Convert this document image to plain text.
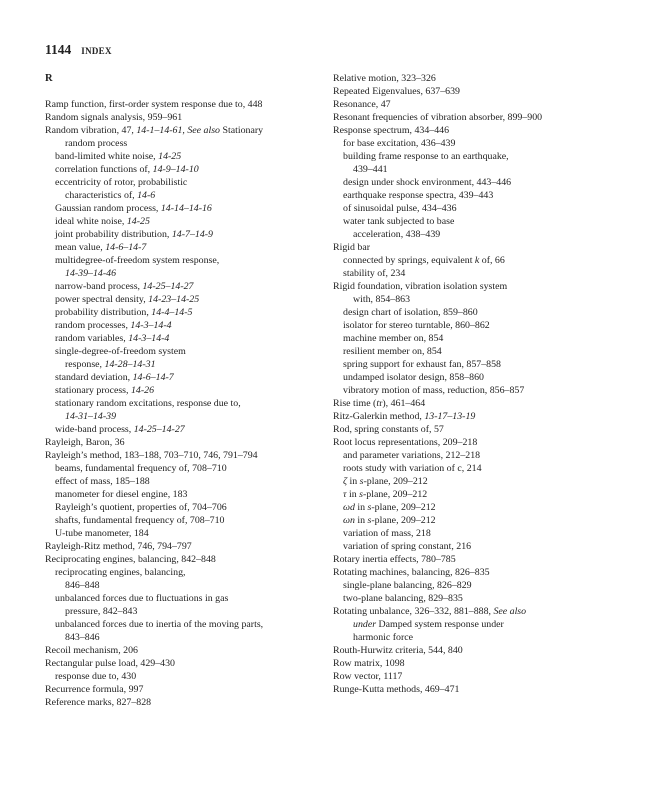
1144 INDEX
R
Ramp function, first-order system response due to, 448
Random signals analysis, 959–961
Random vibration, 47, 14-1–14-61, See also Stationary
random process
band-limited white noise, 14-25
correlation functions of, 14-9–14-10
eccentricity of rotor, probabilistic
characteristics of, 14-6
Gaussian random process, 14-14–14-16
ideal white noise, 14-25
joint probability distribution, 14-7–14-9
mean value, 14-6–14-7
multidegree-of-freedom system response,
14-39–14-46
narrow-band process, 14-25–14-27
power spectral density, 14-23–14-25
probability distribution, 14-4–14-5
random processes, 14-3–14-4
random variables, 14-3–14-4
single-degree-of-freedom system
response, 14-28–14-31
standard deviation, 14-6–14-7
stationary process, 14-26
stationary random excitations, response due to,
14-31–14-39
wide-band process, 14-25–14-27
Rayleigh, Baron, 36
Rayleigh’s method, 183–188, 703–710, 746, 791–794
beams, fundamental frequency of, 708–710
effect of mass, 185–188
manometer for diesel engine, 183
Rayleigh’s quotient, properties of, 704–706
shafts, fundamental frequency of, 708–710
U-tube manometer, 184
Rayleigh-Ritz method, 746, 794–797
Reciprocating engines, balancing, 842–848
reciprocating engines, balancing,
846–848
unbalanced forces due to fluctuations in gas
pressure, 842–843
unbalanced forces due to inertia of the moving parts,
843–846
Recoil mechanism, 206
Rectangular pulse load, 429–430
response due to, 430
Recurrence formula, 997
Reference marks, 827–828
Relative motion, 323–326
Repeated Eigenvalues, 637–639
Resonance, 47
Resonant frequencies of vibration absorber, 899–900
Response spectrum, 434–446
for base excitation, 436–439
building frame response to an earthquake,
439–441
design under shock environment, 443–446
earthquake response spectra, 439–443
of sinusoidal pulse, 434–436
water tank subjected to base
acceleration, 438–439
Rigid bar
connected by springs, equivalent k of, 66
stability of, 234
Rigid foundation, vibration isolation system
with, 854–863
design chart of isolation, 859–860
isolator for stereo turntable, 860–862
machine member on, 854
resilient member on, 854
spring support for exhaust fan, 857–858
undamped isolator design, 858–860
vibratory motion of mass, reduction, 856–857
Rise time (tr), 461–464
Ritz-Galerkin method, 13-17–13-19
Rod, spring constants of, 57
Root locus representations, 209–218
and parameter variations, 212–218
roots study with variation of c, 214
ζ in s-plane, 209–212
τ in s-plane, 209–212
ωd in s-plane, 209–212
ωn in s-plane, 209–212
variation of mass, 218
variation of spring constant, 216
Rotary inertia effects, 780–785
Rotating machines, balancing, 826–835
single-plane balancing, 826–829
two-plane balancing, 829–835
Rotating unbalance, 326–332, 881–888, See also
under Damped system response under
harmonic force
Routh-Hurwitz criteria, 544, 840
Row matrix, 1098
Row vector, 1117
Runge-Kutta methods, 469–471
